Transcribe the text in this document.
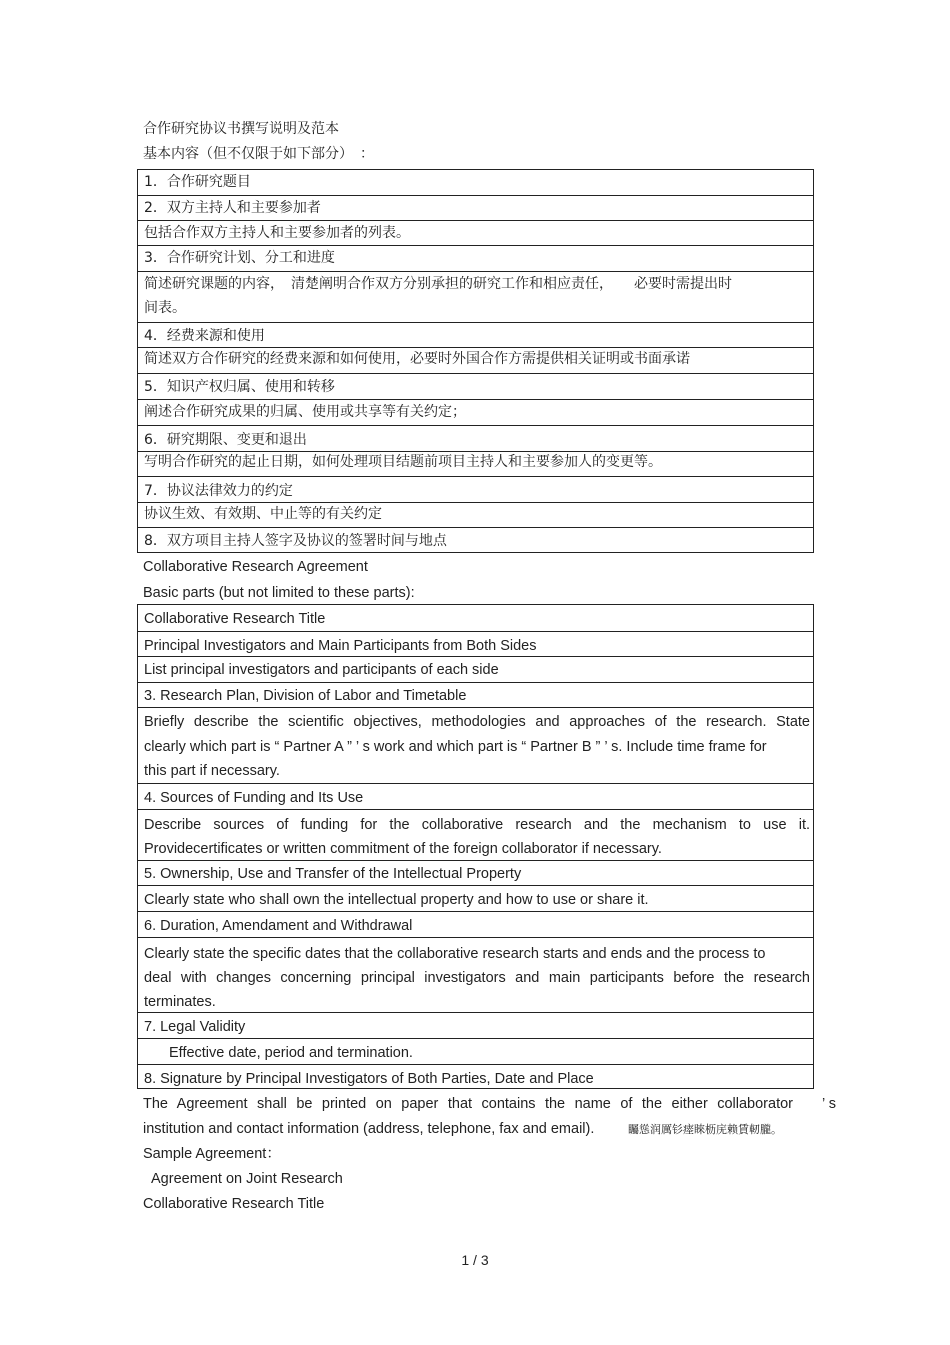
合作研究协议书撰写说明及范本
基本内容（但不仅限于如下部分）　：
1．合作研究题目
2．双方主持人和主要参加者
包括合作双方主持人和主要参加者的列表。
3．合作研究计划、分工和进度
简述研究课题的内容，　清楚阐明合作双方分别承担的研究工作和相应责任，　　必要时需提出时
间表。
4．经费来源和使用
简述双方合作研究的经费来源和如何使用，必要时外国合作方需提供相关证明或书面承诺
5．知识产权归属、使用和转移
阐述合作研究成果的归属、使用或共享等有关约定；
6．研究期限、变更和退出
写明合作研究的起止日期，如何处理项目结题前项目主持人和主要参加人的变更等。
7．协议法律效力的约定
协议生效、有效期、中止等的有关约定
8．双方项目主持人签字及协议的签署时间与地点
Collaborative Research Agreement
Basic parts (but not limited to these parts):
Collaborative Research Title
Principal Investigators and Main Participants from Both Sides
List principal investigators and participants of each side
3. Research Plan, Division of Labor and Timetable
Briefly describe the scientific objectives, methodologies and approaches of the research. State
clearly which part is “ Partner A ” ’ s work and which part is “ Partner B ” ’ s. Include time frame for
this part if necessary.
4. Sources of Funding and Its Use
Describe sources of funding for the collaborative research and the mechanism to use it.
Providecertificates or written commitment of the foreign collaborator if necessary.
5. Ownership, Use and Transfer of the Intellectual Property
Clearly state who shall own the intellectual property and how to use or share it.
6. Duration, Amendament and Withdrawal
Clearly state the specific dates that the collaborative research starts and ends and the process to
deal with changes concerning principal investigators and main participants before the research
terminates.
7. Legal Validity
Effective date, period and termination.
8. Signature by Principal Investigators of Both Parties, Date and Place
The Agreement shall be printed on paper that contains the name of the either collaborator ’ s
institution and contact information (address, telephone, fax and email).	矚慫润厲钐瘗睞枥庑赖賃軔朧。
Sample Agreement：
Agreement on Joint Research
Collaborative Research Title
1 / 3
